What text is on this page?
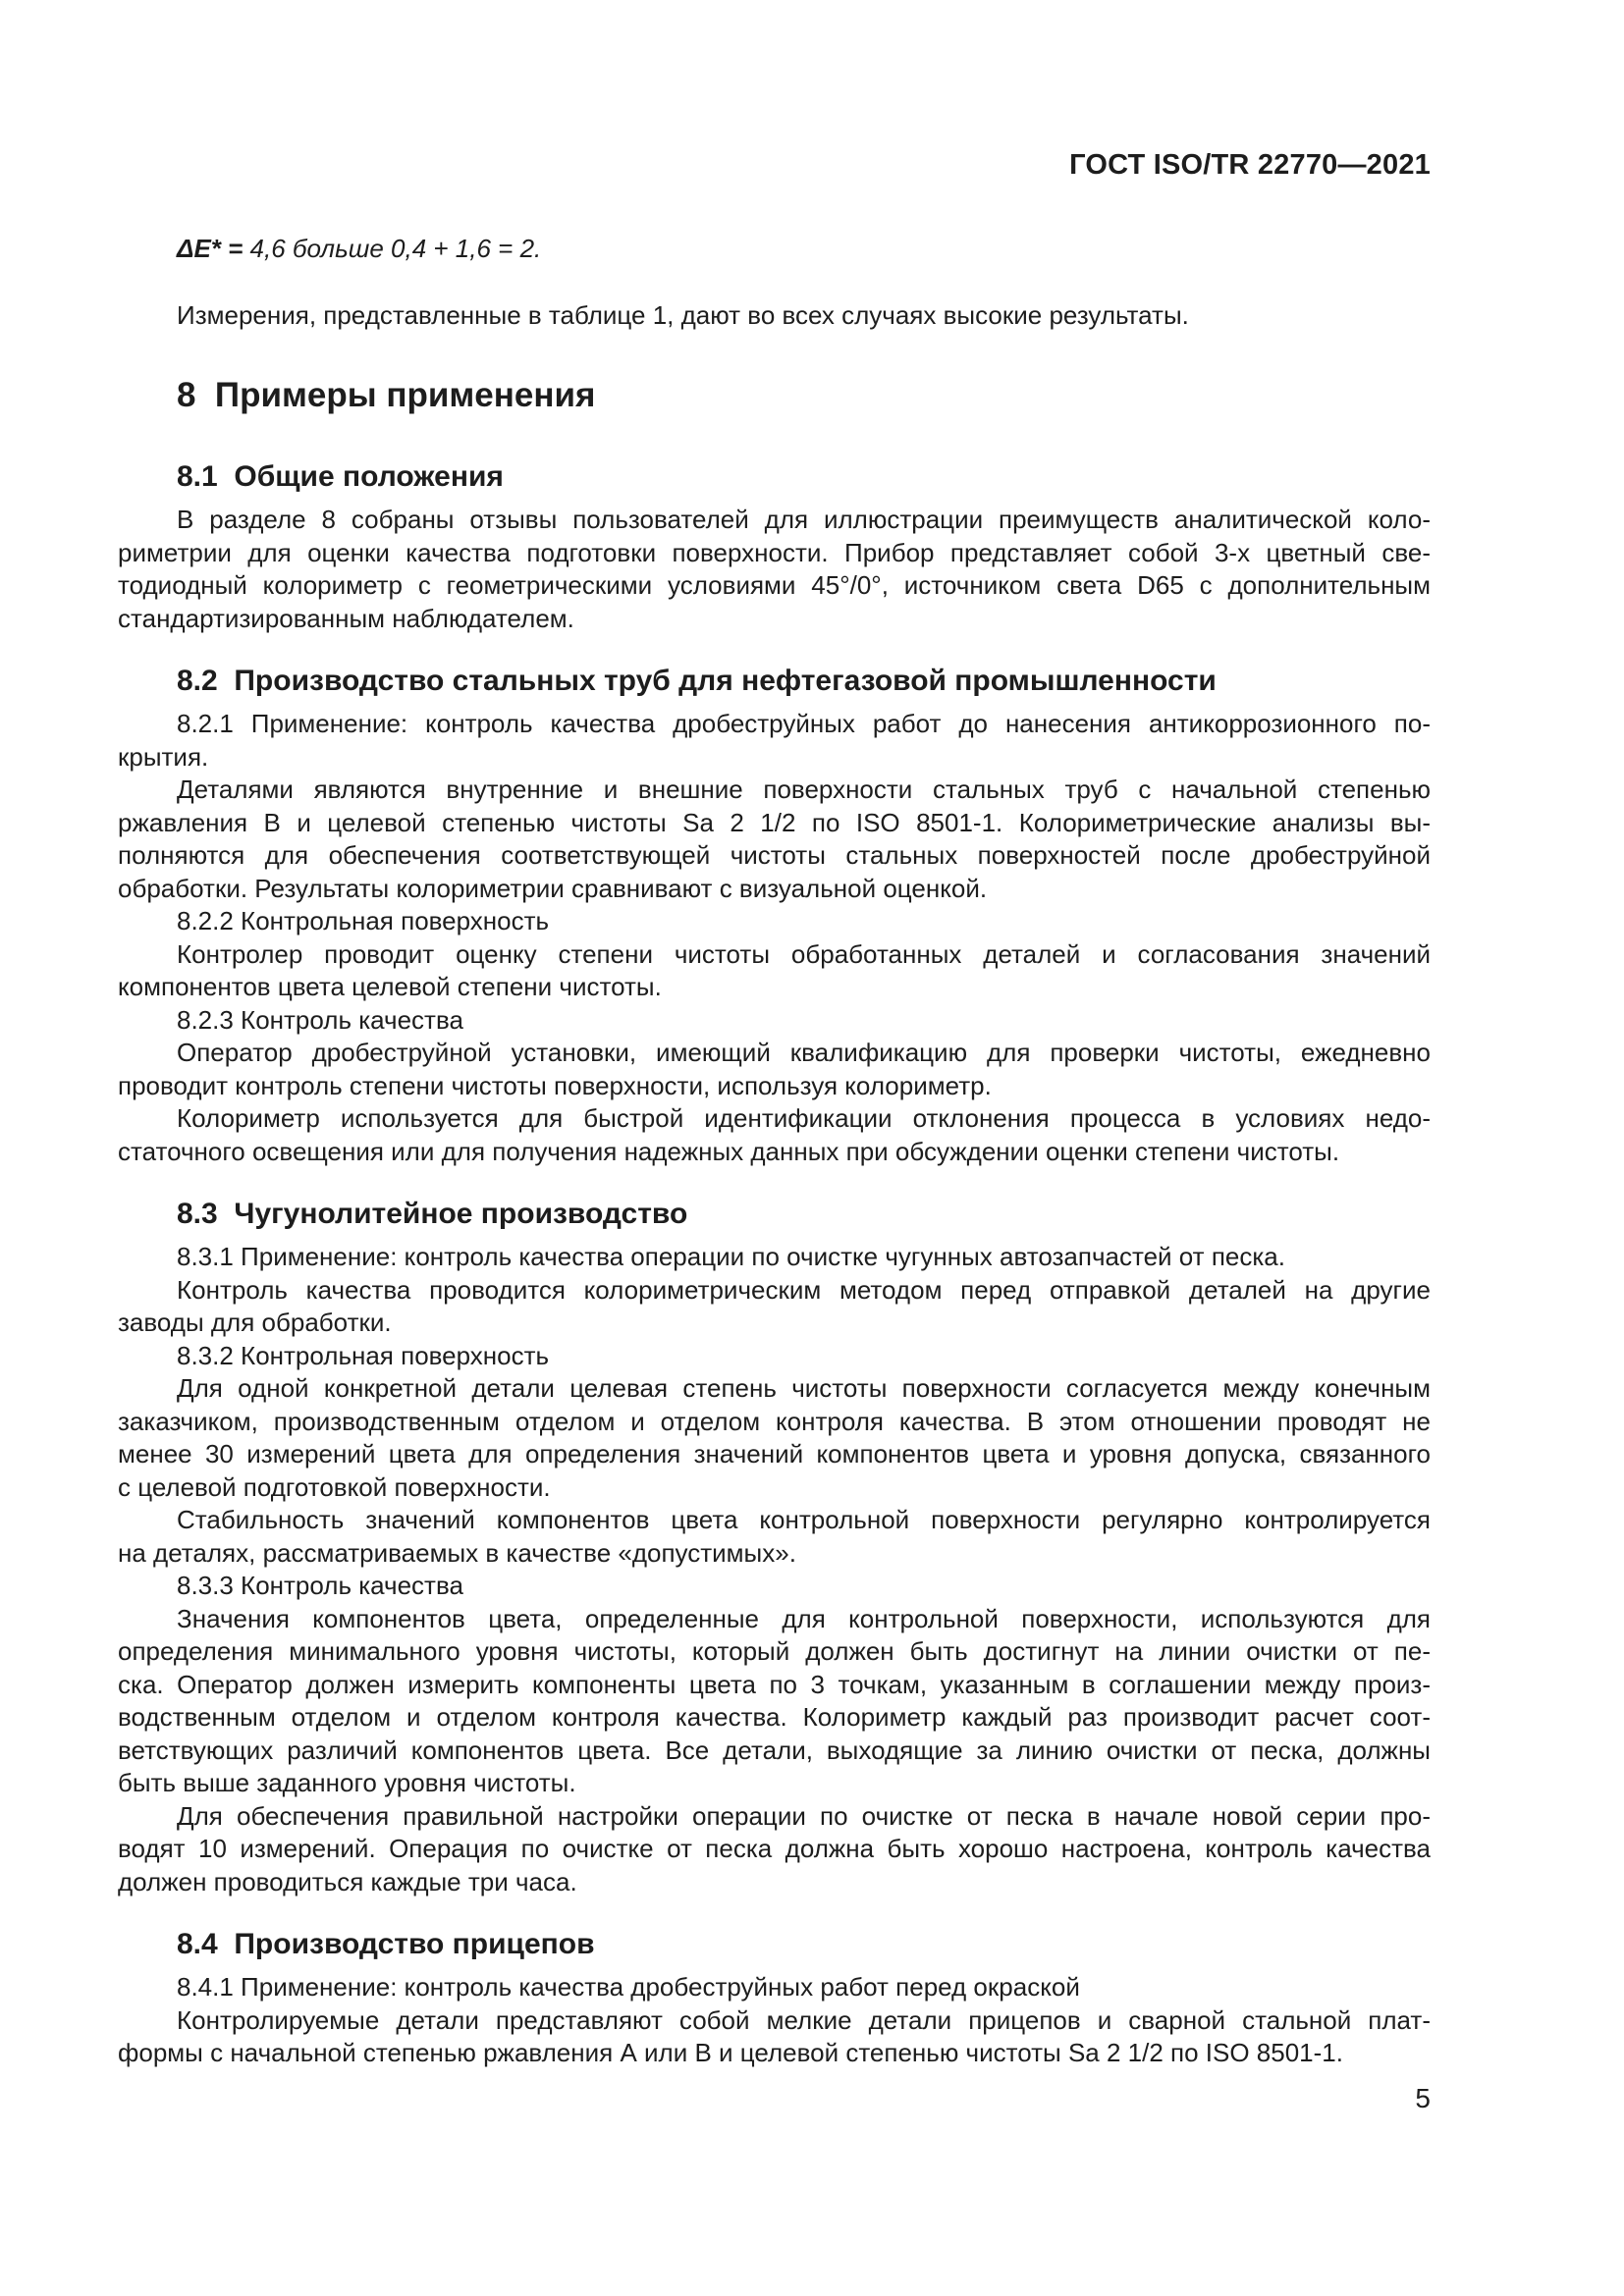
ГОСТ ISO/TR 22770—2021
ΔE* = 4,6 больше 0,4 + 1,6 = 2.
Измерения, представленные в таблице 1, дают во всех случаях высокие результаты.
8  Примеры применения
8.1  Общие положения
В разделе 8 собраны отзывы пользователей для иллюстрации преимуществ аналитической коло-
риметрии для оценки качества подготовки поверхности. Прибор представляет собой 3-х цветный све-
тодиодный колориметр с геометрическими условиями 45°/0°, источником света D65 с дополнительным
стандартизированным наблюдателем.
8.2  Производство стальных труб для нефтегазовой промышленности
8.2.1 Применение: контроль качества дробеструйных работ до нанесения антикоррозионного по-
крытия.
Деталями являются внутренние и внешние поверхности стальных труб с начальной степенью
ржавления В и целевой степенью чистоты Sa 2 1/2 по ISO 8501-1. Колориметрические анализы вы-
полняются для обеспечения соответствующей чистоты стальных поверхностей после дробеструйной
обработки. Результаты колориметрии сравнивают с визуальной оценкой.
8.2.2 Контрольная поверхность
Контролер проводит оценку степени чистоты обработанных деталей и согласования значений
компонентов цвета целевой степени чистоты.
8.2.3 Контроль качества
Оператор дробеструйной установки, имеющий квалификацию для проверки чистоты, ежедневно
проводит контроль степени чистоты поверхности, используя колориметр.
Колориметр используется для быстрой идентификации отклонения процесса в условиях недо-
статочного освещения или для получения надежных данных при обсуждении оценки степени чистоты.
8.3  Чугунолитейное производство
8.3.1 Применение: контроль качества операции по очистке чугунных автозапчастей от песка.
Контроль качества проводится колориметрическим методом перед отправкой деталей на другие
заводы для обработки.
8.3.2 Контрольная поверхность
Для одной конкретной детали целевая степень чистоты поверхности согласуется между конечным
заказчиком, производственным отделом и отделом контроля качества. В этом отношении проводят не
менее 30 измерений цвета для определения значений компонентов цвета и уровня допуска, связанного
с целевой подготовкой поверхности.
Стабильность значений компонентов цвета контрольной поверхности регулярно контролируется
на деталях, рассматриваемых в качестве «допустимых».
8.3.3 Контроль качества
Значения компонентов цвета, определенные для контрольной поверхности, используются для
определения минимального уровня чистоты, который должен быть достигнут на линии очистки от пе-
ска. Оператор должен измерить компоненты цвета по 3 точкам, указанным в соглашении между произ-
водственным отделом и отделом контроля качества. Колориметр каждый раз производит расчет соот-
ветствующих различий компонентов цвета. Все детали, выходящие за линию очистки от песка, должны
быть выше заданного уровня чистоты.
Для обеспечения правильной настройки операции по очистке от песка в начале новой серии про-
водят 10 измерений. Операция по очистке от песка должна быть хорошо настроена, контроль качества
должен проводиться каждые три часа.
8.4  Производство прицепов
8.4.1 Применение: контроль качества дробеструйных работ перед окраской
Контролируемые детали представляют собой мелкие детали прицепов и сварной стальной плат-
формы с начальной степенью ржавления А или В и целевой степенью чистоты Sa 2 1/2 по ISO 8501-1.
5
